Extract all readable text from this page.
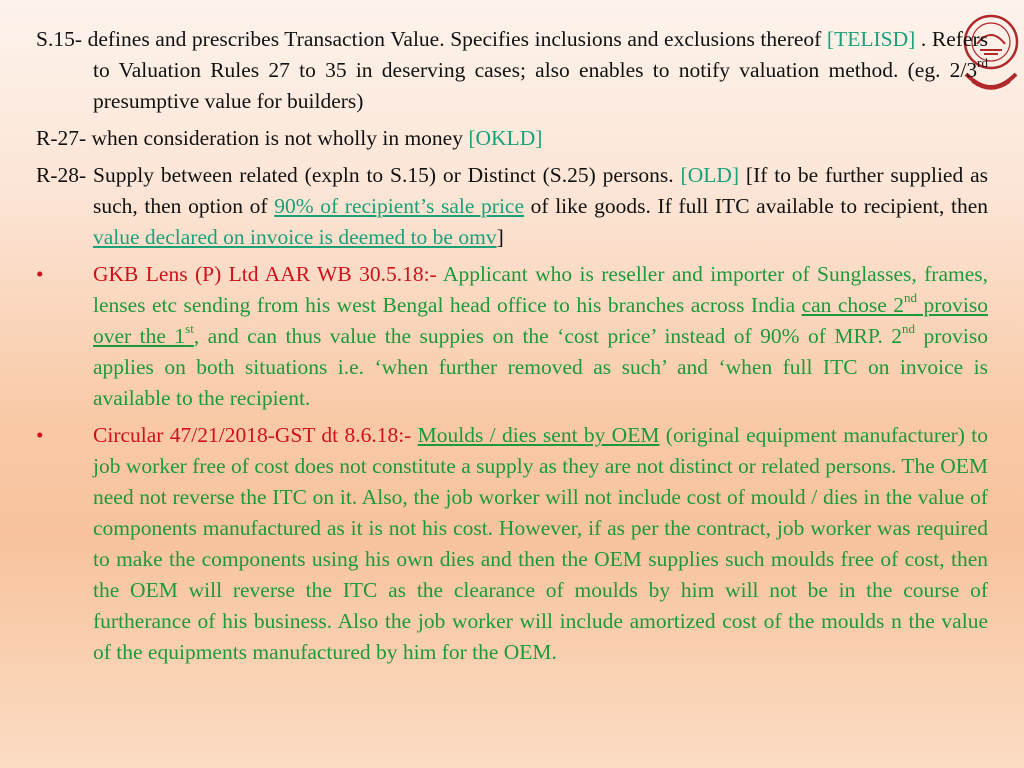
S.15- defines and prescribes Transaction Value. Specifies inclusions and exclusions thereof [TELISD] . Refers to Valuation Rules 27 to 35 in deserving cases; also enables to notify valuation method. (eg. 2/3rd presumptive value for builders)

R-27- when consideration is not wholly in money [OKLD]

R-28- Supply between related (expln to S.15) or Distinct (S.25) persons. [OLD] [If to be further supplied as such, then option of 90% of recipient’s sale price of like goods. If full ITC available to recipient, then value declared on invoice is deemed to be omv]

•	GKB Lens (P) Ltd AAR WB 30.5.18:- Applicant who is reseller and importer of Sunglasses, frames, lenses etc sending from his west Bengal head office to his branches across India can chose 2nd proviso over the 1st, and can thus value the suppies on the ‘cost price’ instead of 90% of MRP. 2nd proviso applies on both situations i.e. ‘when further removed as such’ and ‘when full ITC on invoice is available to the recipient.
•	Circular 47/21/2018-GST dt 8.6.18:- Moulds / dies sent by OEM (original equipment manufacturer) to job worker free of cost does not constitute a supply as they are not distinct or related persons. The OEM need not reverse the ITC on it. Also, the job worker will not include cost of mould / dies in the value of components manufactured as it is not his cost. However, if as per the contract, job worker was required to make the components using his own dies and then the OEM supplies such moulds free of cost, then the OEM will reverse the ITC as the clearance of moulds by him will not be in the course of furtherance of his business. Also the job worker will include amortized cost of the moulds n the value of the equipments manufactured by him for the OEM.
